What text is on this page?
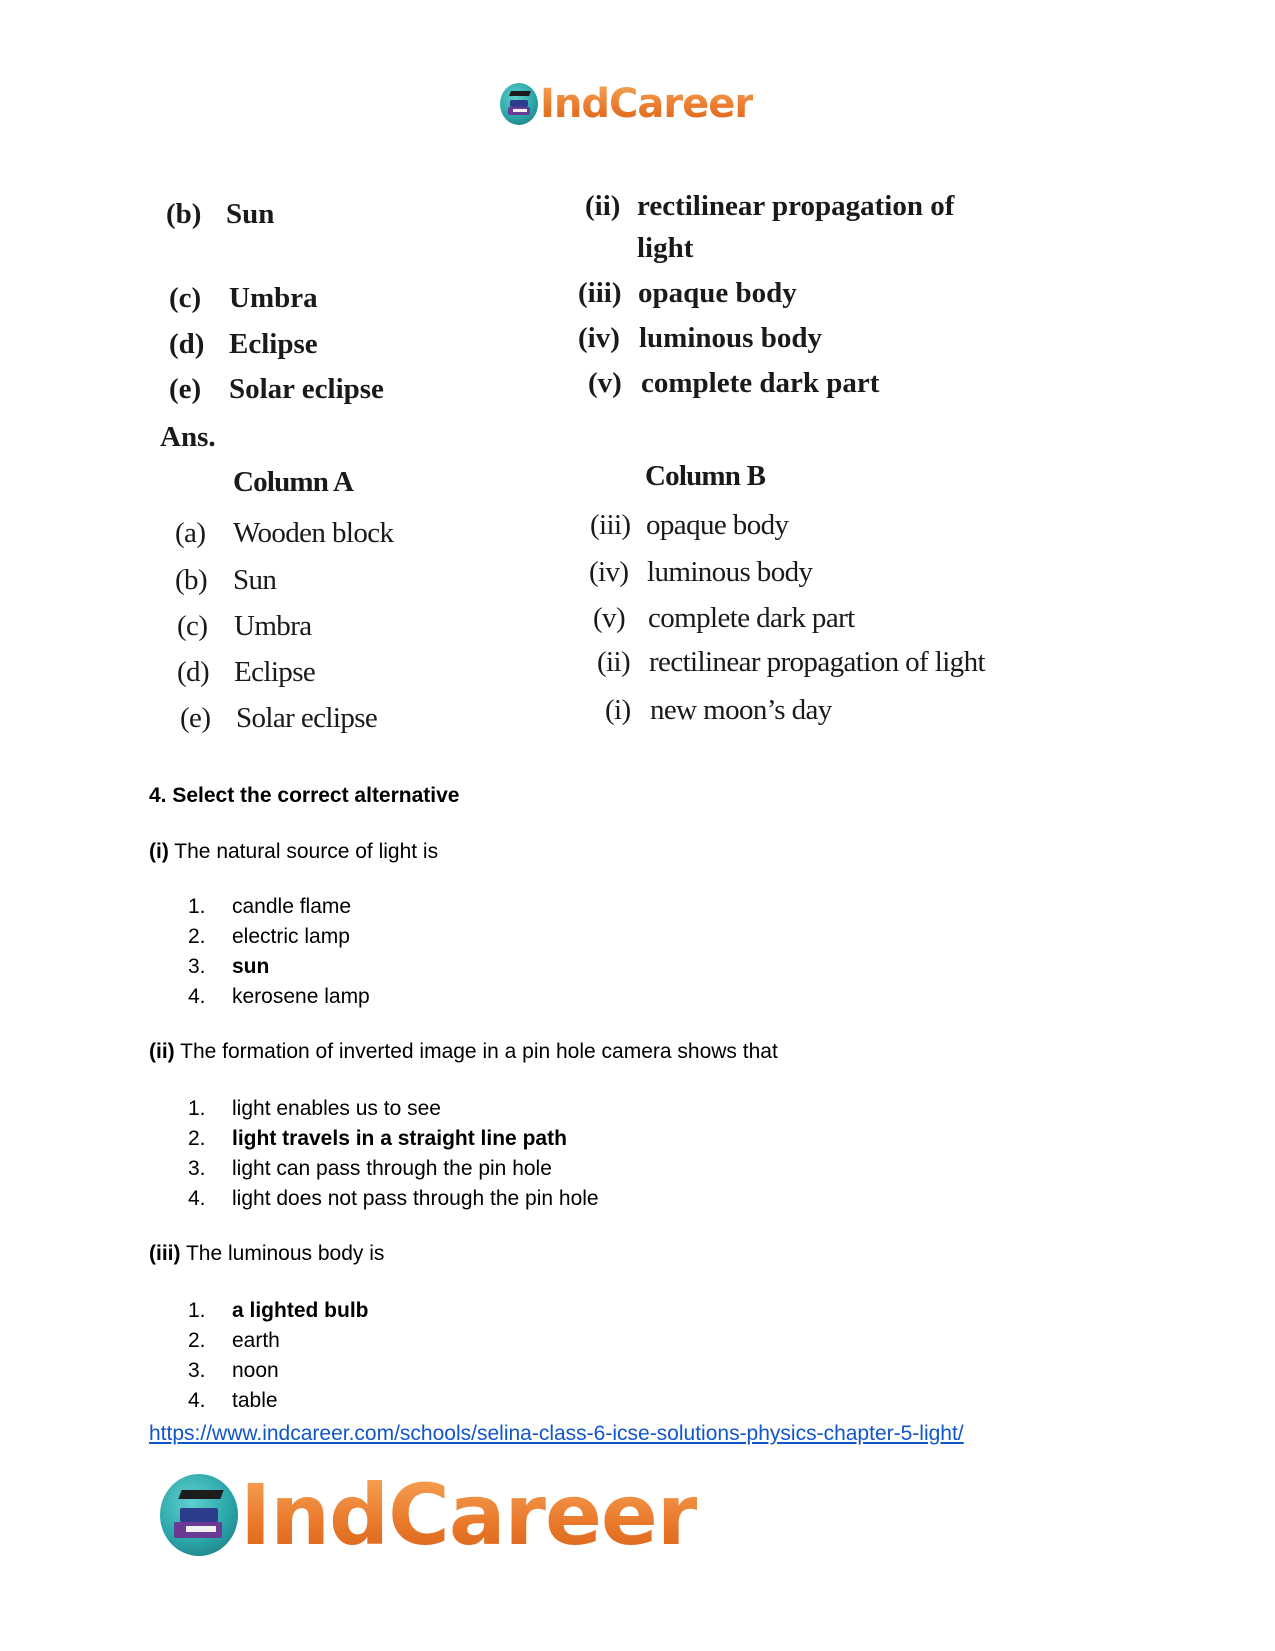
IndCareer
(b) Sun
(c) Umbra
(d) Eclipse
(e) Solar eclipse
(ii) rectilinear propagation of
light
(iii) opaque body
(iv) luminous body
(v) complete dark part
Ans.
Column A	Column B
(a) Wooden block
(b) Sun
(c) Umbra
(d) Eclipse
(e) Solar eclipse
(iii) opaque body
(iv) luminous body
(v) complete dark part
(ii) rectilinear propagation of light
(i) new moon’s day
4. Select the correct alternative
(i) The natural source of light is
1. candle flame
2. electric lamp
3. sun
4. kerosene lamp
(ii) The formation of inverted image in a pin hole camera shows that
1. light enables us to see
2. light travels in a straight line path
3. light can pass through the pin hole
4. light does not pass through the pin hole
(iii) The luminous body is
1. a lighted bulb
2. earth
3. noon
4. table
https://www.indcareer.com/schools/selina-class-6-icse-solutions-physics-chapter-5-light/
IndCareer
